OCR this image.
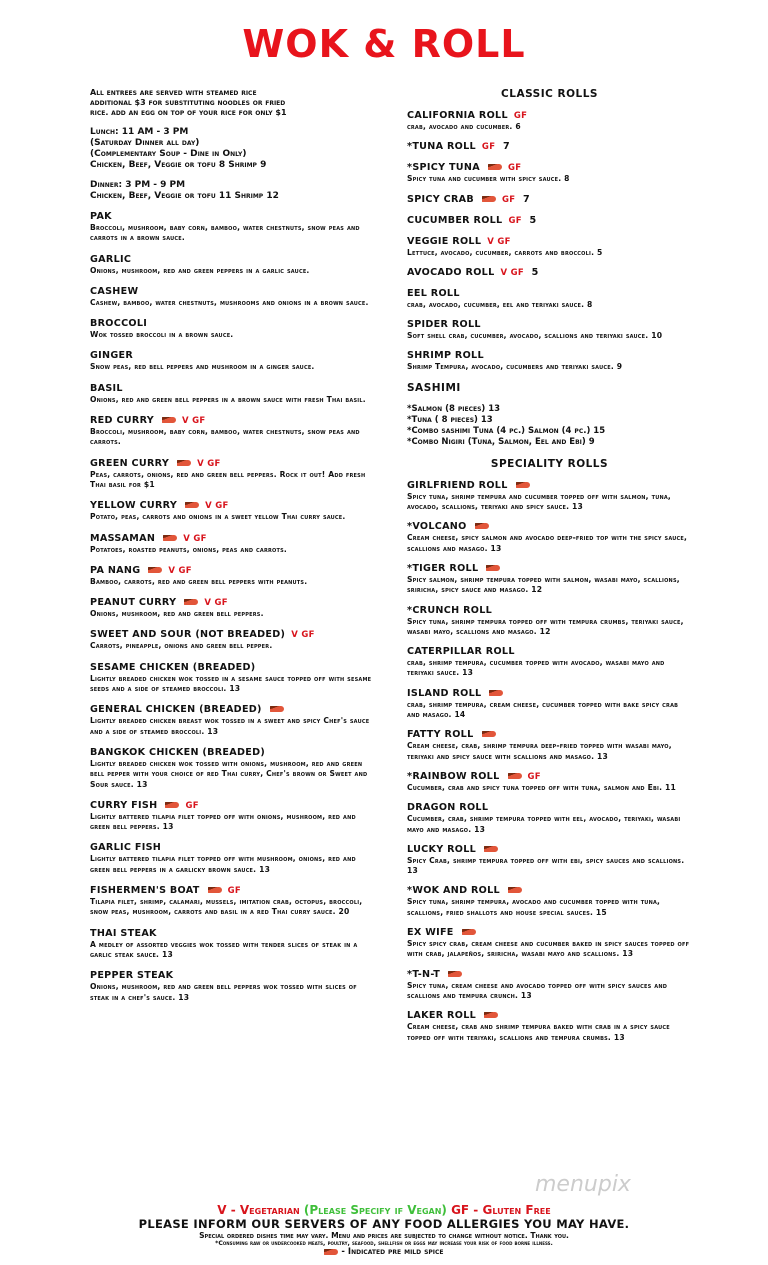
WOK & ROLL
All entrees are served with steamed rice
additional $3 for substituting noodles or fried
rice. add an egg on top of your rice for only $1
Lunch: 11 AM - 3 PM
(Saturday Dinner all day)
(Complementary Soup - Dine in Only)
Chicken, Beef, Veggie or tofu 8 Shrimp 9
Dinner: 3 PM - 9 PM
Chicken, Beef, Veggie or tofu 11 Shrimp 12
PAK
Broccoli, mushroom, baby corn, bamboo, water chestnuts, snow peas and carrots in a brown sauce.
GARLIC
Onions, mushroom, red and green peppers in a garlic sauce.
CASHEW
Cashew, bamboo, water chestnuts, mushrooms and onions in a brown sauce.
BROCCOLI
Wok tossed broccoli in a brown sauce.
GINGER
Snow peas, red bell peppers and mushroom in a ginger sauce.
BASIL
Onions, red and green bell peppers in a brown sauce with fresh Thai basil.
RED CURRY	V GF
Broccoli, mushroom, baby corn, bamboo, water chestnuts, snow peas and carrots.
GREEN CURRY	V GF
Peas, carrots, onions, red and green bell peppers. Rock it out! Add fresh Thai basil for $1
YELLOW CURRY	V GF
Potato, peas, carrots and onions in a sweet yellow Thai curry sauce.
MASSAMAN	V GF
Potatoes, roasted peanuts, onions, peas and carrots.
PA NANG	V GF
Bamboo, carrots, red and green bell peppers with peanuts.
PEANUT CURRY	V GF
Onions, mushroom, red and green bell peppers.
SWEET AND SOUR (NOT BREADED) V GF
Carrots, pineapple, onions and green bell pepper.
SESAME CHICKEN (BREADED)
Lightly breaded chicken wok tossed in a sesame sauce topped off with sesame seeds and a side of steamed broccoli. 13
GENERAL CHICKEN (BREADED)
Lightly breaded chicken breast wok tossed in a sweet and spicy Chef's sauce and a side of steamed broccoli. 13
BANGKOK CHICKEN (BREADED)
Lightly breaded chicken wok tossed with onions, mushroom, red and green bell pepper with your choice of red Thai curry, Chef's brown or Sweet and Sour sauce. 13
CURRY FISH	GF
Lightly battered tilapia filet topped off with onions, mushroom, red and green bell peppers. 13
GARLIC FISH
Lightly battered tilapia filet topped off with mushroom, onions, red and green bell peppers in a garlicky brown sauce. 13
FISHERMEN'S BOAT	GF
Tilapia filet, shrimp, calamari, mussels, imitation crab, octopus, broccoli, snow peas, mushroom, carrots and basil in a red Thai curry sauce. 20
THAI STEAK
A medley of assorted veggies wok tossed with tender slices of steak in a garlic steak sauce. 13
PEPPER STEAK
Onions, mushroom, red and green bell peppers wok tossed with slices of steak in a chef's sauce. 13
CLASSIC ROLLS
CALIFORNIA ROLL GF
crab, avocado and cucumber. 6
*TUNA ROLL GF 7
*SPICY TUNA	GF
Spicy tuna and cucumber with spicy sauce. 8
SPICY CRAB	GF 7
CUCUMBER ROLL GF 5
VEGGIE ROLL V GF
Lettuce, avocado, cucumber, carrots and broccoli. 5
AVOCADO ROLL V GF 5
EEL ROLL
crab, avocado, cucumber, eel and teriyaki sauce. 8
SPIDER ROLL
Soft shell crab, cucumber, avocado, scallions and teriyaki sauce. 10
SHRIMP ROLL
Shrimp Tempura, avocado, cucumbers and teriyaki sauce. 9
SASHIMI
*Salmon (8 pieces) 13
*Tuna ( 8 pieces) 13
*Combo sashimi Tuna (4 pc.) Salmon (4 pc.) 15
*Combo Nigiri (Tuna, Salmon, Eel and Ebi) 9
SPECIALITY ROLLS
GIRLFRIEND ROLL
Spicy tuna, shrimp tempura and cucumber topped off with salmon, tuna, avocado, scallions, teriyaki and spicy sauce. 13
*VOLCANO
Cream cheese, spicy salmon and avocado deep-fried top with the spicy sauce, scallions and masago. 13
*TIGER ROLL
Spicy salmon, shrimp tempura topped with salmon, wasabi mayo, scallions, sriricha, spicy sauce and masago. 12
*CRUNCH ROLL
Spicy tuna, shrimp tempura topped off with tempura crumbs, teriyaki sauce, wasabi mayo, scallions and masago. 12
CATERPILLAR ROLL
crab, shrimp tempura, cucumber topped with avocado, wasabi mayo and teriyaki sauce. 13
ISLAND ROLL
crab, shrimp tempura, cream cheese, cucumber topped with bake spicy crab and masago. 14
FATTY ROLL
Cream cheese, crab, shrimp tempura deep-fried topped with wasabi mayo, teriyaki and spicy sauce with scallions and masago. 13
*RAINBOW ROLL	GF
Cucumber, crab and spicy tuna topped off with tuna, salmon and Ebi. 11
DRAGON ROLL
Cucumber, crab, shrimp tempura topped with eel, avocado, teriyaki, wasabi mayo and masago. 13
LUCKY ROLL
Spicy Crab, shrimp tempura topped off with ebi, spicy sauces and scallions. 13
*WOK AND ROLL
Spicy tuna, shrimp tempura, avocado and cucumber topped with tuna, scallions, fried shallots and house special sauces. 15
EX WIFE
Spicy spicy crab, cream cheese and cucumber baked in spicy sauces topped off with crab, jalapeños, sriricha, wasabi mayo and scallions. 13
*T-N-T
Spicy tuna, cream cheese and avocado topped off with spicy sauces and scallions and tempura crunch. 13
LAKER ROLL
Cream cheese, crab and shrimp tempura baked with crab in a spicy sauce topped off with teriyaki, scallions and tempura crumbs. 13
menupix
V - Vegetarian (Please Specify if Vegan) GF - Gluten Free
PLEASE INFORM OUR SERVERS OF ANY FOOD ALLERGIES YOU MAY HAVE.
Special ordered dishes time may vary. Menu and prices are subjected to change without notice. Thank you.
*Consuming raw or undercooked meats, poultry, seafood, shellfish or eggs may increase your risk of food borne illness.
- Indicated pre mild spice
